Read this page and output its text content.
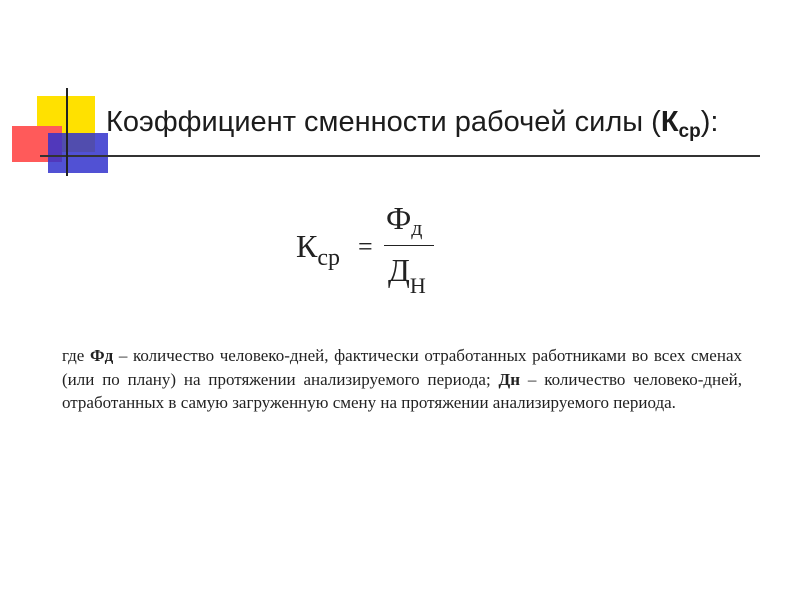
Коэффициент сменности рабочей силы $(К_{ср})$:
$К_{ср}$ =
$Ф_д$
$Д_Н$
где Фд – количество человеко-дней, фактически отработанных работниками во всех сменах (или по плану) на протяжении анализируемого периода; Дн – количество человеко-дней, отработанных в самую загруженную смену на протяжении анализируемого периода.
